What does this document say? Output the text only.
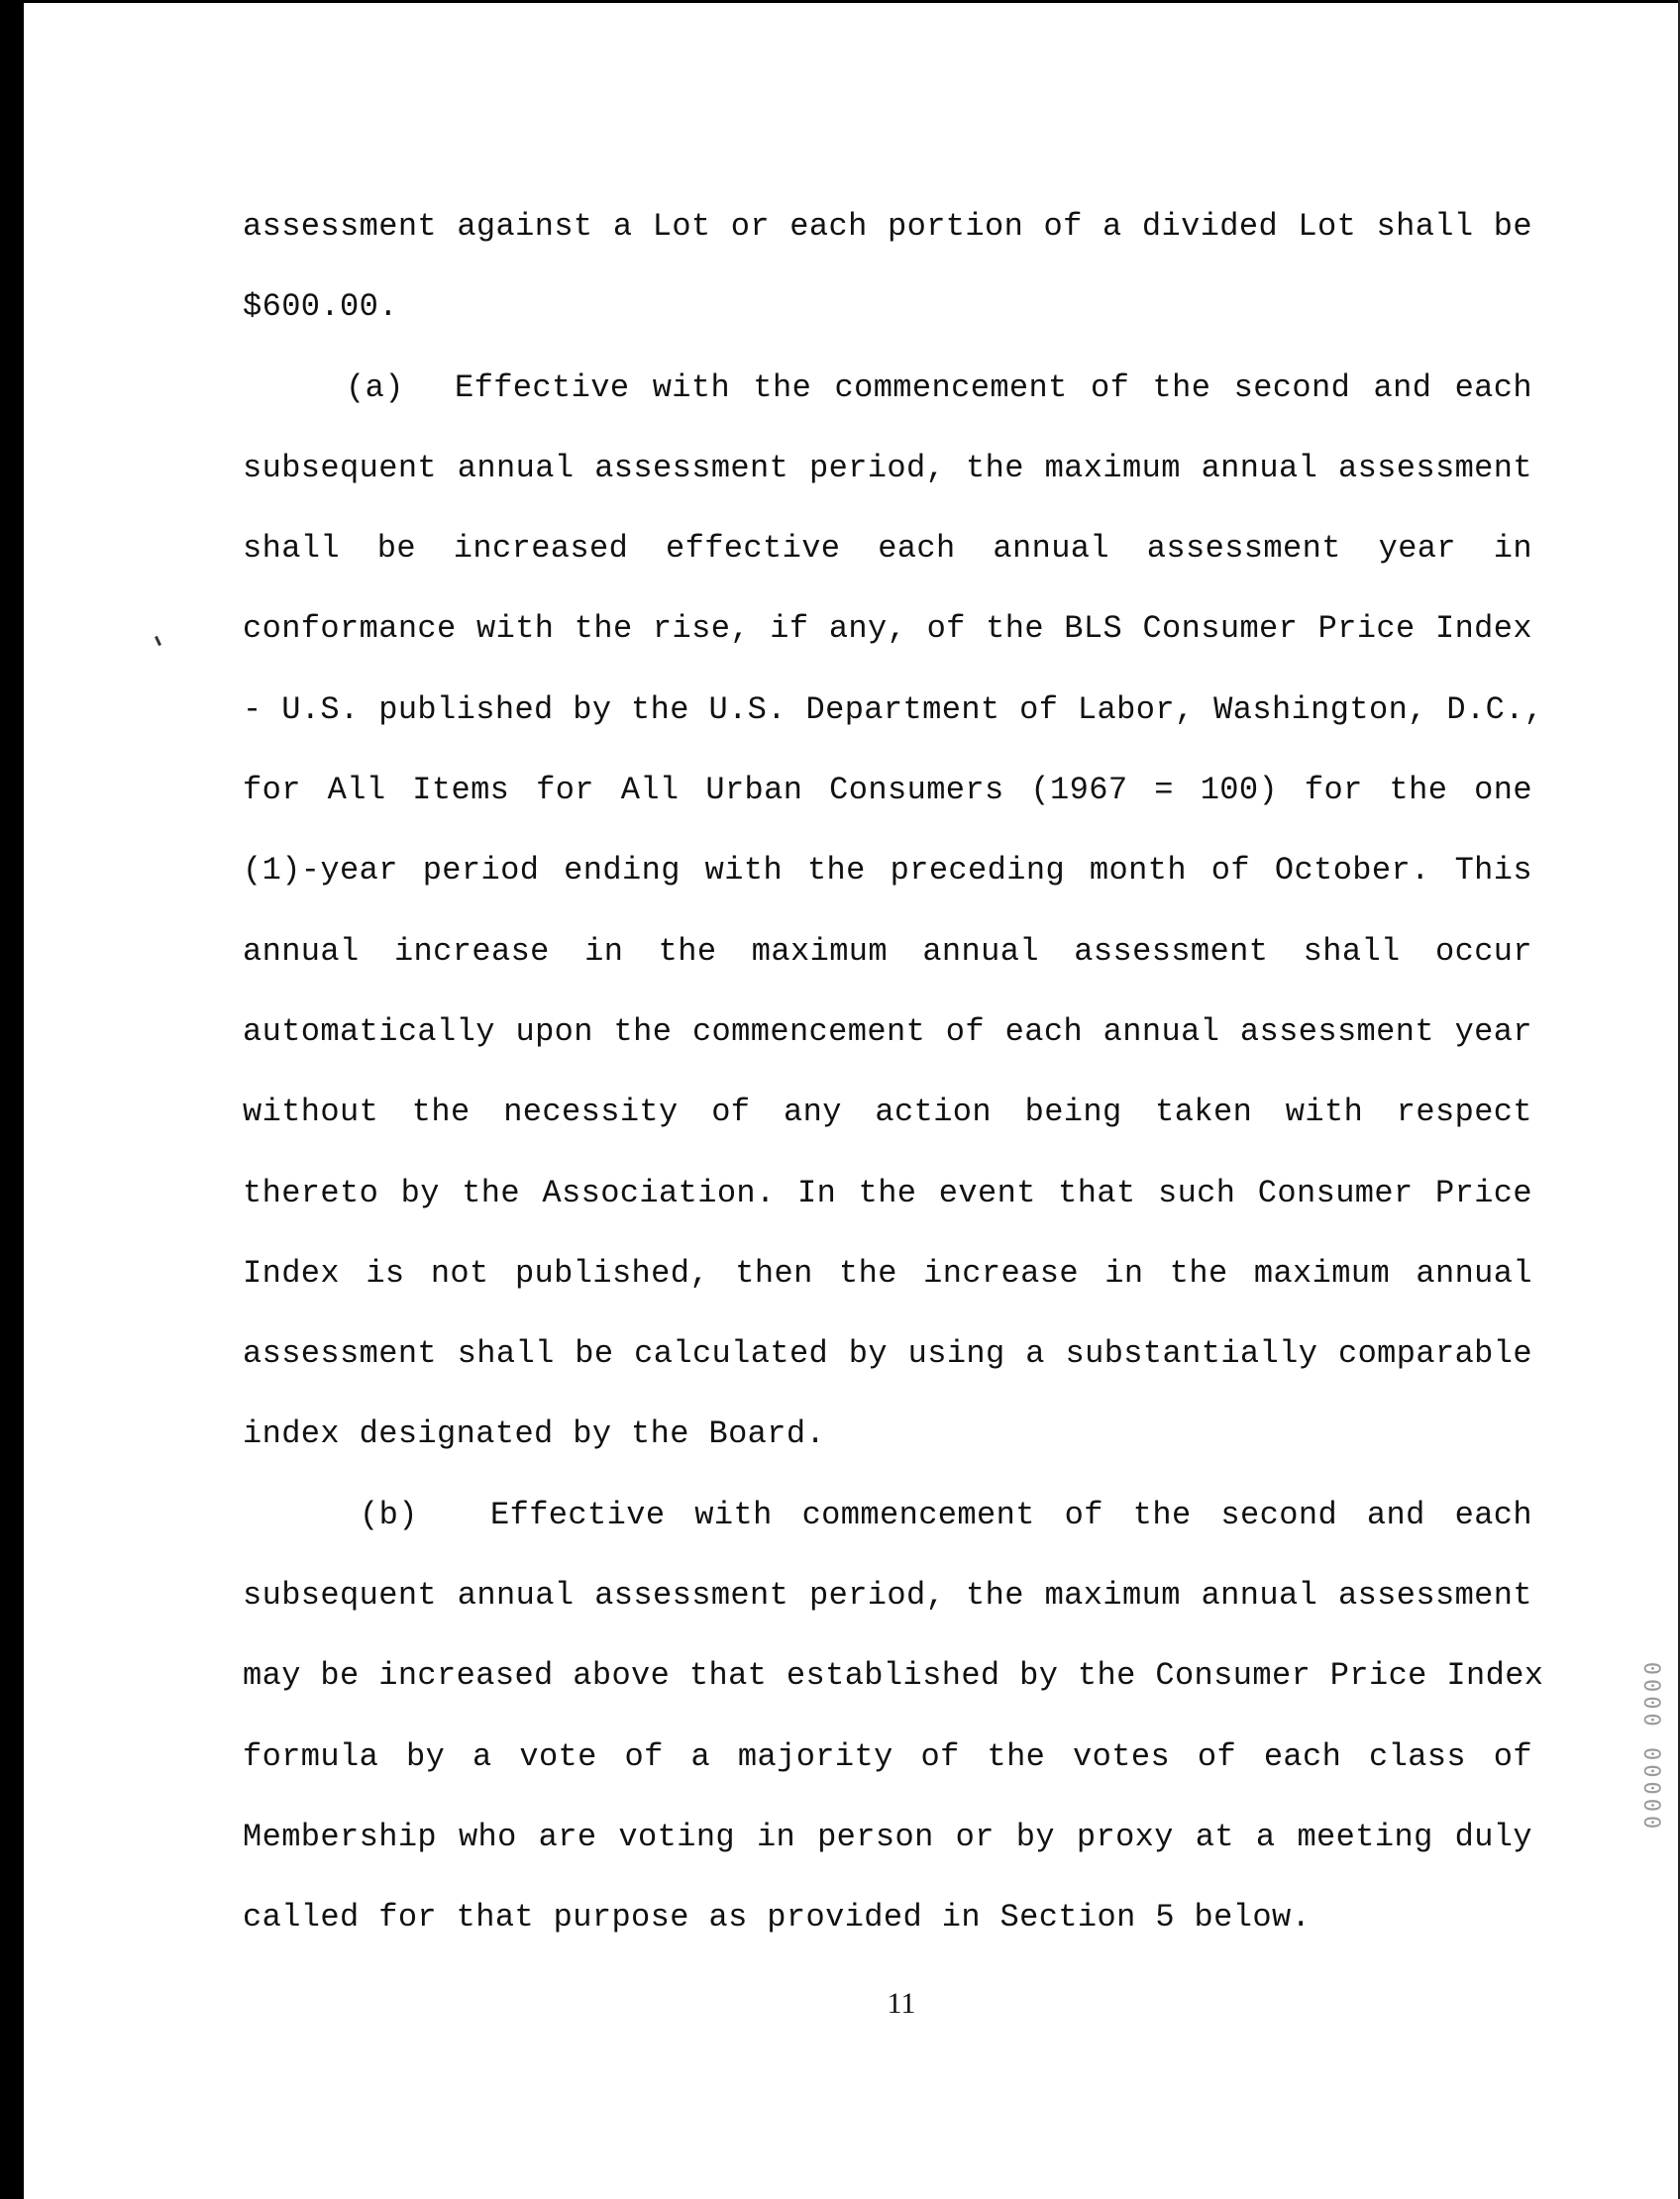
assessment against a Lot or each portion of a divided Lot shall be
$600.00.
(a)	Effective with the commencement of the second and each
subsequent annual assessment period, the maximum annual assessment
shall be increased effective each annual assessment year in
conformance with the rise, if any, of the BLS Consumer Price Index
- U.S. published by the U.S. Department of Labor, Washington, D.C.,
for All Items for All Urban Consumers (1967 = 100) for the one
(1)-year period ending with the preceding month of October. This
annual increase in the maximum annual assessment shall occur
automatically upon the commencement of each annual assessment year
without the necessity of any action being taken with respect
thereto by the Association. In the event that such Consumer Price
Index is not published, then the increase in the maximum annual
assessment shall be calculated by using a substantially comparable
index designated by the Board.
(b)	Effective with commencement of the second and each
subsequent annual assessment period, the maximum annual assessment
may be increased above that established by the Consumer Price Index
formula by a vote of a majority of the votes of each class of
Membership who are voting in person or by proxy at a meeting duly
called for that purpose as provided in Section 5 below.
11
00000 0000
